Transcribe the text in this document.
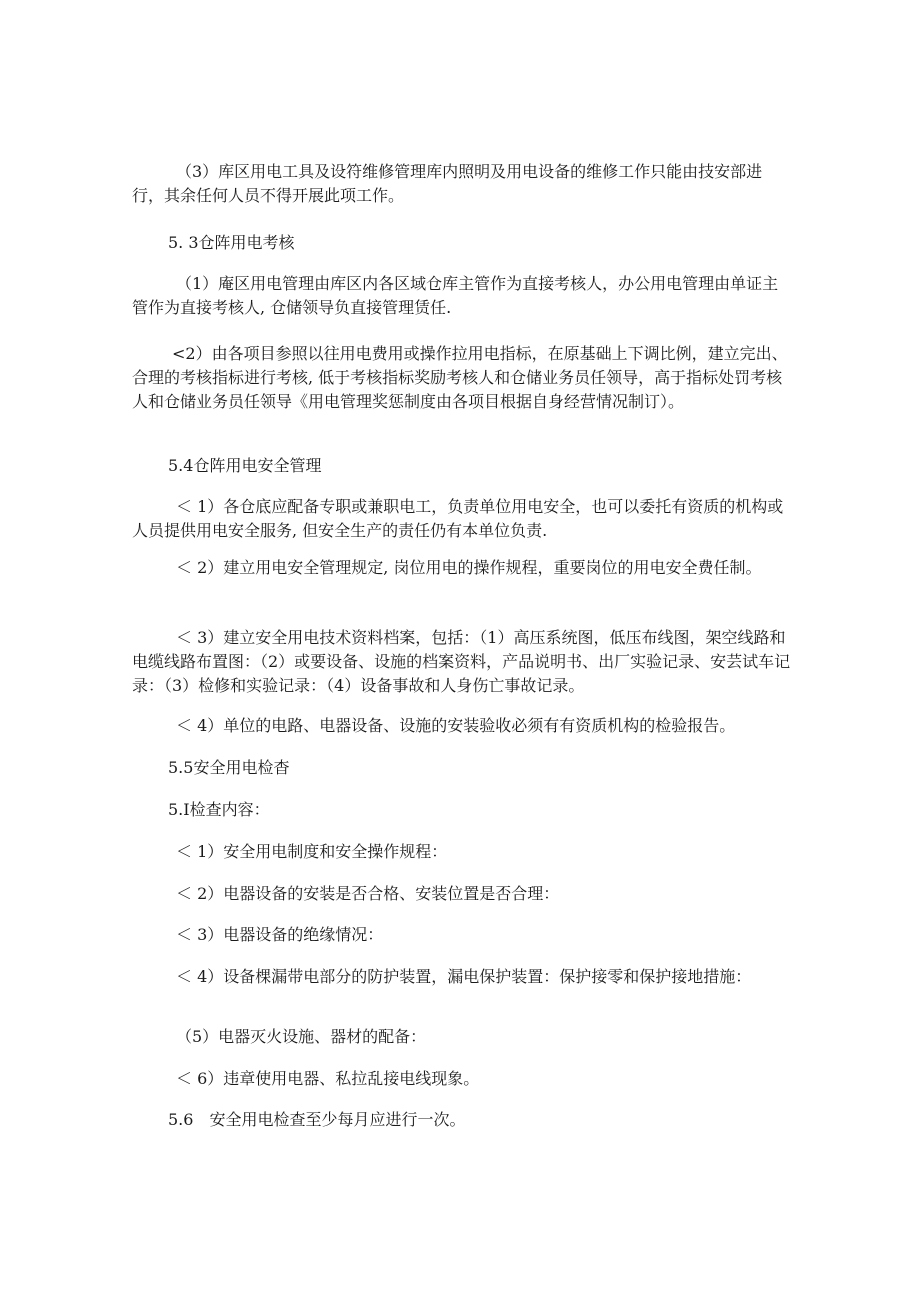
（3）库区用电工具及设符维修管理库内照明及用电设备的维修工作只能由技安部进行，其余任何人员不得开展此项工作。

5. 3仓阵用电考核

（1）庵区用电管理由库区内各区域仓库主管作为直接考核人，办公用电管理由单证主管作为直接考核人, 仓储领导负直接管理赁任.

<2）由各项目参照以往用电费用或操作拉用电指标，在原基础上下调比例，建立完出、合理的考核指标进行考核, 低于考核指标奖励考核人和仓储业务员任领导，高于指标处罚考核人和仓储业务员任领导《用电管理奖惩制度由各项目根据自身经营情况制订）。

5.4仓阵用电安全管理

＜ 1）各仓底应配备专职或兼职电工，负责单位用电安全，也可以委托有资质的机构或人员提供用电安全服务, 但安全生产的责任仍有本单位负责.

＜ 2）建立用电安全管理规定, 岗位用电的操作规程，重要岗位的用电安全费任制。

＜ 3）建立安全用电技术资料档案，包括：（1）高压系统图，低压布线图，架空线路和电缆线路布置图：（2）或要设备、设施的档案资料，产品说明书、出厂实验记录、安芸试车记录：（3）检修和实验记录：（4）设备事故和人身伤亡事故记录。

＜ 4）单位的电路、电器设备、设施的安装验收必须有有资质机构的检验报告。

5.5安全用电检杳

5.I检查内容：

＜ 1）安全用电制度和安全操作规程：

＜ 2）电器设备的安装是否合格、安装位置是否合理：

＜ 3）电器设备的绝缘情况：

＜ 4）设备棵漏带电部分的防护装置，漏电保护装置：保护接零和保护接地措施：

（5）电器灭火设施、器材的配备：

＜ 6）违章使用电器、私拉乱接电线现象。

5.6　安全用电检查至少每月应进行一次。
